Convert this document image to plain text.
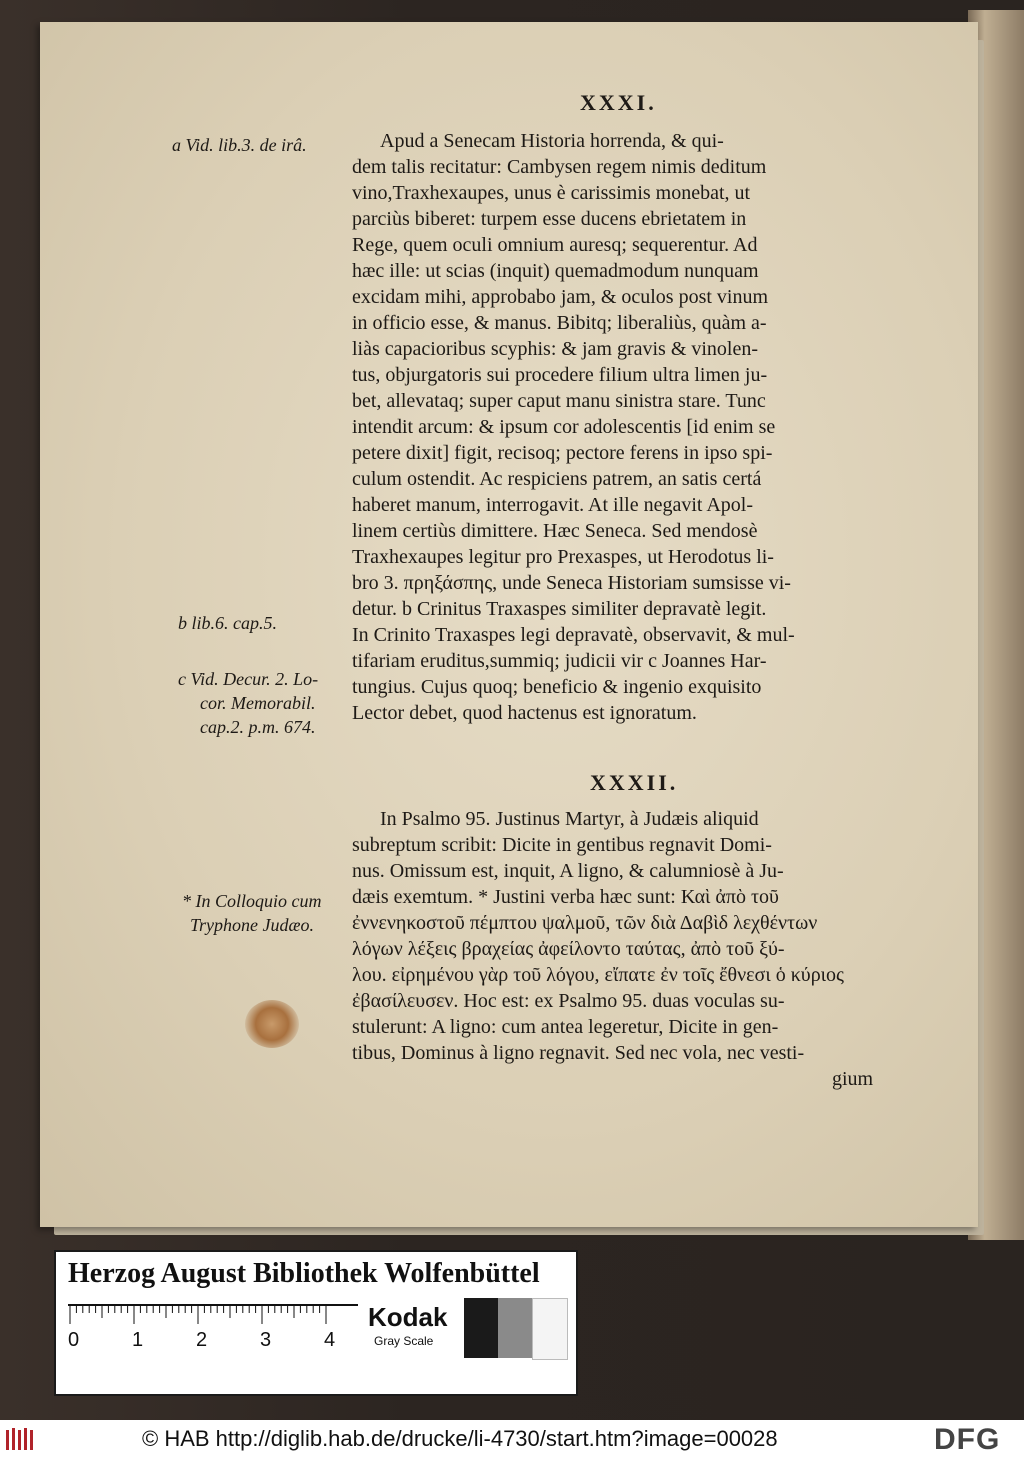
XXXI.
XXXII.
a Vid. lib.3. de irâ.
b lib.6. cap.5.
c Vid. Decur. 2. Lo-
cor. Memorabil.
cap.2. p.m. 674.
* In Colloquio cum
Tryphone Judæo.
Apud a Senecam Historia horrenda, & qui-
dem talis recitatur: Cambysen regem nimis deditum
vino,Traxhexaupes, unus è carissimis monebat, ut
parciùs biberet: turpem esse ducens ebrietatem in
Rege, quem oculi omnium auresq; sequerentur. Ad
hæc ille: ut scias (inquit) quemadmodum nunquam
excidam mihi, approbabo jam, & oculos post vinum
in officio esse, & manus. Bibitq; liberaliùs, quàm a-
liàs capacioribus scyphis: & jam gravis & vinolen-
tus, objurgatoris sui procedere filium ultra limen ju-
bet, allevataq; super caput manu sinistra stare. Tunc
intendit arcum: & ipsum cor adolescentis [id enim se
petere dixit] figit, recisoq; pectore ferens in ipso spi-
culum ostendit. Ac respiciens patrem, an satis certá
haberet manum, interrogavit. At ille negavit Apol-
linem certiùs dimittere. Hæc Seneca. Sed mendosè
Traxhexaupes legitur pro Prexaspes, ut Herodotus li-
bro 3. πρηξάσπης, unde Seneca Historiam sumsisse vi-
detur. b Crinitus Traxaspes similiter depravatè legit.
In Crinito Traxaspes legi depravatè, observavit, & mul-
tifariam eruditus,summiq; judicii vir c Joannes Har-
tungius. Cujus quoq; beneficio & ingenio exquisito
Lector debet, quod hactenus est ignoratum.
In Psalmo 95. Justinus Martyr, à Judæis aliquid
subreptum scribit: Dicite in gentibus regnavit Domi-
nus. Omissum est, inquit, A ligno, & calumniosè à Ju-
dæis exemtum. * Justini verba hæc sunt: Καὶ ἀπὸ τοῦ
ἐννενηκοστοῦ πέμπτου ψαλμοῦ, τῶν διὰ Δαβὶδ λεχθέντων
λόγων λέξεις βραχείας ἀφείλοντο ταύτας, ἀπὸ τοῦ ξύ-
λου. εἰρημένου γὰρ τοῦ λόγου, εἴπατε ἐν τοῖς ἔθνεσι ὁ κύριος
ἐβασίλευσεν. Hoc est: ex Psalmo 95. duas voculas su-
stulerunt: A ligno: cum antea legeretur, Dicite in gen-
tibus, Dominus à ligno regnavit. Sed nec vola, nec vesti-
gium
Herzog August Bibliothek Wolfenbüttel
0	1	2	3	4
Kodak
Gray Scale
© HAB http://diglib.hab.de/drucke/li-4730/start.htm?image=00028	DFG
